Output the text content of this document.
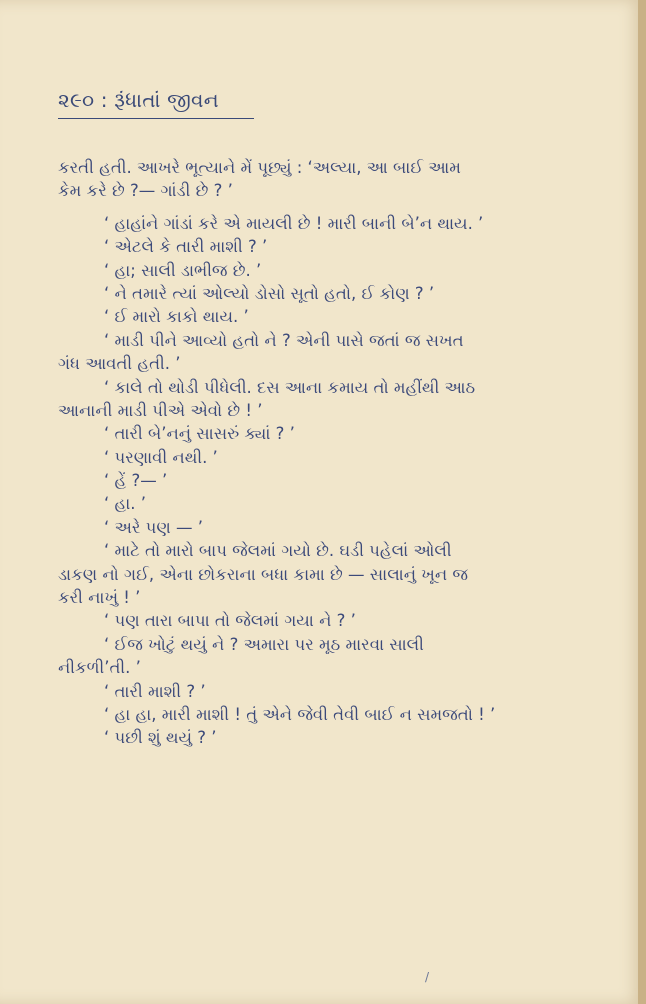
૨૯૦ : રૂંધાતાં જીવન
કરતી હતી. આખરે ભૂત્યાને મેં પૂછ્યું : ‘અલ્યા, આ બાઈ આમ
કેમ કરે છે ?— ગાંડી છે ? ’
‘ હાહાંને ગાંડાં કરે એ માયલી છે ! મારી બાની બે’ન થાય. ’
‘ એટલે કે તારી માશી ? ’
‘ હા; સાલી ડાભીજ છે. ’
‘ ને તમારે ત્યાં ઓલ્યો ડોસો સૂતો હતો, ઈ કોણ ? ’
‘ ઈ મારો કાકો થાય. ’
‘ માડી પીને આવ્યો હતો ને ? એની પાસે જતાં જ સખત
ગંધ આવતી હતી. ’
‘ કાલે તો થોડી પીધેલી. દસ આના કમાય તો મહીંથી આઠ
આનાની માડી પીએ એવો છે ! ’
‘ તારી બે’નનું સાસરું ક્યાં ? ’
‘ પરણાવી નથી. ’
‘ હેં ?— ’
‘ હા. ’
‘ અરે પણ — ’
‘ માટે તો મારો બાપ જેલમાં ગયો છે. ઘડી પહેલાં ઓલી
ડાકણ નો ગઈ, એના છોકરાના બધા કામા છે — સાલાનું ખૂન જ
કરી નાખું ! ’
‘ પણ તારા બાપા તો જેલમાં ગયા ને ? ’
‘ ઈજ ખોટું થયું ને ? અમારા પર મૂઠ મારવા સાલી
નીકળી’તી. ’
‘ તારી માશી ? ’
‘ હા હા, મારી માશી ! તું એને જેવી તેવી બાઈ ન સમજતો ! ’
‘ પછી શું થયું ? ’
/
